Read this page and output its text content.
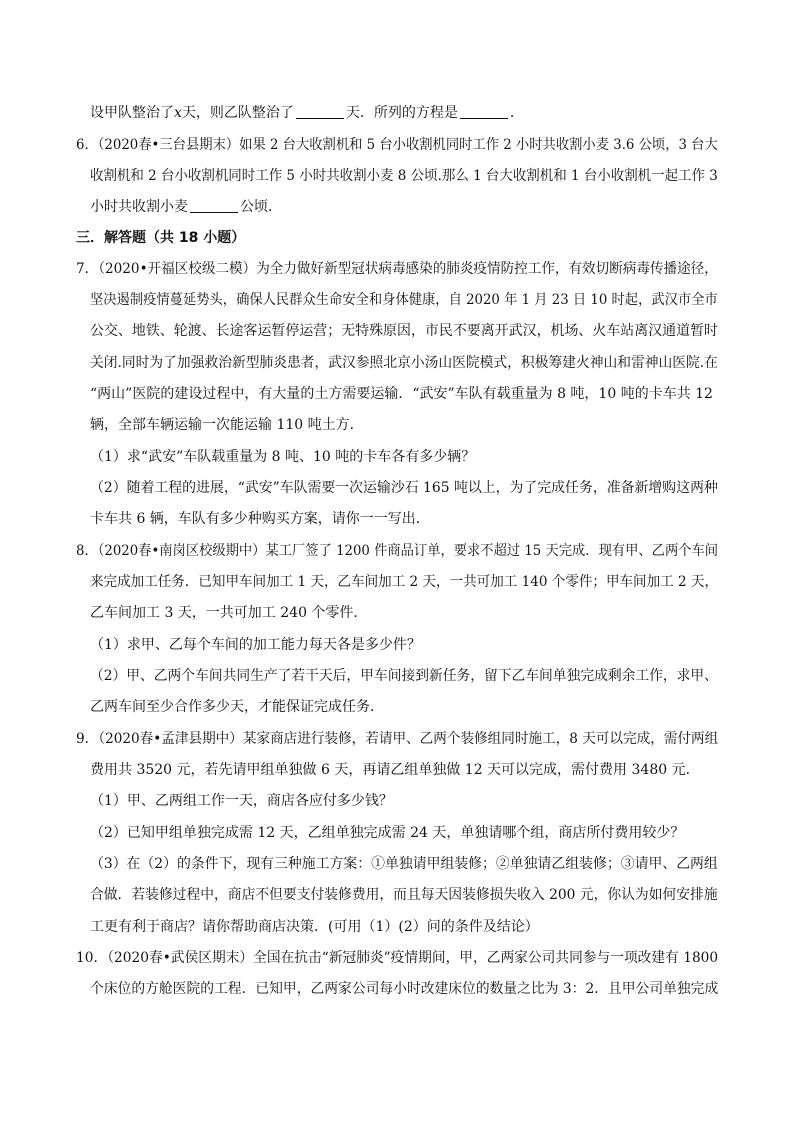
设甲队整治了x天，则乙队整治了	天．所列的方程是	．
6．（2020春•三台县期末）如果 2 台大收割机和 5 台小收割机同时工作 2 小时共收割小麦 3.6 公顷，3 台大
收割机和 2 台小收割机同时工作 5 小时共收割小麦 8 公顷.那么 1 台大收割机和 1 台小收割机一起工作 3
小时共收割小麦	公顷．
三．解答题（共 18 小题）
7．（2020•开福区校级二模）为全力做好新型冠状病毒感染的肺炎疫情防控工作，有效切断病毒传播途径，
坚决遏制疫情蔓延势头，确保人民群众生命安全和身体健康，自 2020 年 1 月 23 日 10 时起，武汉市全市
公交、地铁、轮渡、长途客运暂停运营；无特殊原因，市民不要离开武汉，机场、火车站离汉通道暂时
关闭.同时为了加强救治新型肺炎患者，武汉参照北京小汤山医院模式，积极筹建火神山和雷神山医院.在
“两山”医院的建设过程中，有大量的土方需要运输．“武安”车队有载重量为 8 吨，10 吨的卡车共 12
辆，全部车辆运输一次能运输 110 吨土方．
（1）求“武安”车队载重量为 8 吨、10 吨的卡车各有多少辆？
（2）随着工程的进展，“武安”车队需要一次运输沙石 165 吨以上，为了完成任务，准备新增购这两种
卡车共 6 辆，车队有多少种购买方案，请你一一写出．
8．（2020春•南岗区校级期中）某工厂签了 1200 件商品订单，要求不超过 15 天完成．现有甲、乙两个车间
来完成加工任务．已知甲车间加工 1 天，乙车间加工 2 天，一共可加工 140 个零件；甲车间加工 2 天，
乙车间加工 3 天，一共可加工 240 个零件．
（1）求甲、乙每个车间的加工能力每天各是多少件？
（2）甲、乙两个车间共同生产了若干天后，甲车间接到新任务，留下乙车间单独完成剩余工作，求甲、
乙两车间至少合作多少天，才能保证完成任务．
9．（2020春•孟津县期中）某家商店进行装修，若请甲、乙两个装修组同时施工，8 天可以完成，需付两组
费用共 3520 元，若先请甲组单独做 6 天，再请乙组单独做 12 天可以完成，需付费用 3480 元．
（1）甲、乙两组工作一天，商店各应付多少钱？
（2）已知甲组单独完成需 12 天，乙组单独完成需 24 天，单独请哪个组，商店所付费用较少？
（3）在（2）的条件下，现有三种施工方案：①单独请甲组装修；②单独请乙组装修；③请甲、乙两组
合做．若装修过程中，商店不但要支付装修费用，而且每天因装修损失收入 200 元，你认为如何安排施
工更有利于商店？请你帮助商店决策．(可用（1）(2）问的条件及结论）
10．（2020春•武侯区期末）全国在抗击“新冠肺炎”疫情期间，甲，乙两家公司共同参与一项改建有 1800
个床位的方舱医院的工程．已知甲，乙两家公司每小时改建床位的数量之比为 3：2．且甲公司单独完成
